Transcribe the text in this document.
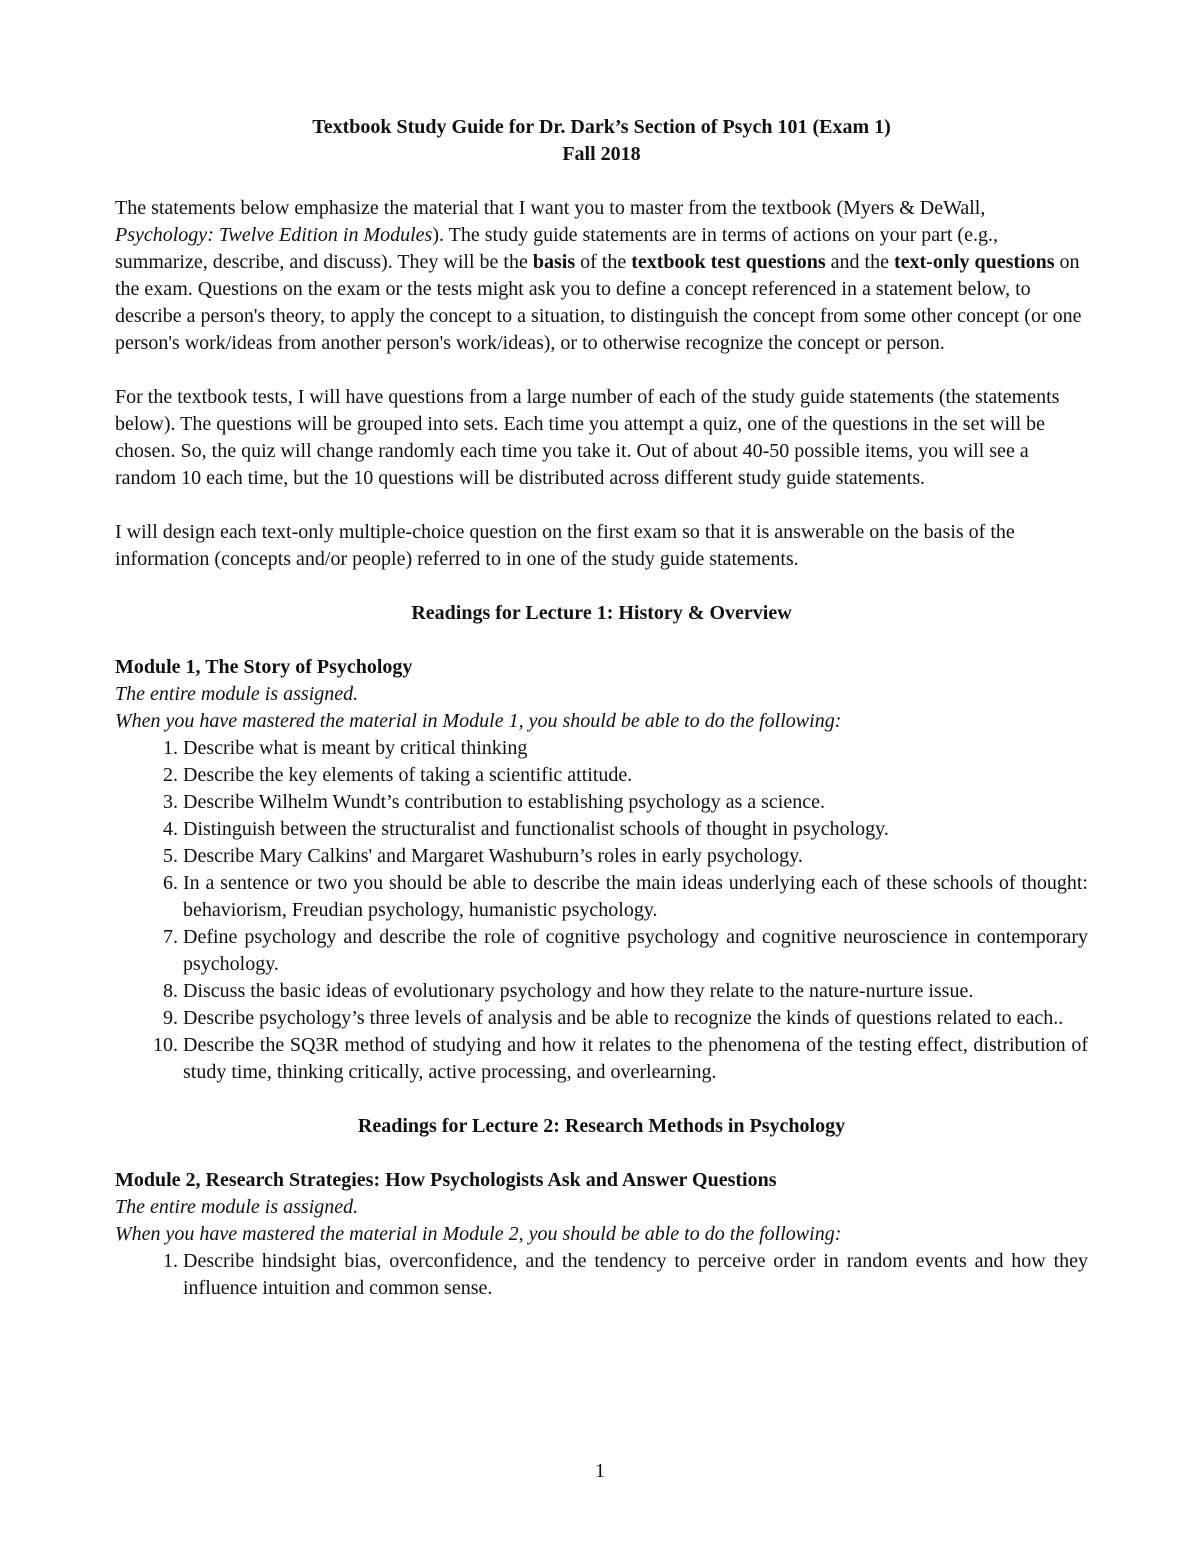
Textbook Study Guide for Dr. Dark’s Section of Psych 101 (Exam 1)
Fall 2018

The statements below emphasize the material that I want you to master from the textbook (Myers & DeWall, Psychology: Twelve Edition in Modules). The study guide statements are in terms of actions on your part (e.g., summarize, describe, and discuss). They will be the basis of the textbook test questions and the text-only questions on the exam. Questions on the exam or the tests might ask you to define a concept referenced in a statement below, to describe a person's theory, to apply the concept to a situation, to distinguish the concept from some other concept (or one person's work/ideas from another person's work/ideas), or to otherwise recognize the concept or person.

For the textbook tests, I will have questions from a large number of each of the study guide statements (the statements below). The questions will be grouped into sets. Each time you attempt a quiz, one of the questions in the set will be chosen. So, the quiz will change randomly each time you take it. Out of about 40-50 possible items, you will see a random 10 each time, but the 10 questions will be distributed across different study guide statements.

I will design each text-only multiple-choice question on the first exam so that it is answerable on the basis of the information (concepts and/or people) referred to in one of the study guide statements.

Readings for Lecture 1: History & Overview

Module 1, The Story of Psychology

The entire module is assigned.

When you have mastered the material in Module 1, you should be able to do the following:

1. Describe what is meant by critical thinking
2. Describe the key elements of taking a scientific attitude.
3. Describe Wilhelm Wundt’s contribution to establishing psychology as a science.
4. Distinguish between the structuralist and functionalist schools of thought in psychology.
5. Describe Mary Calkins' and Margaret Washuburn’s roles in early psychology.
6. In a sentence or two you should be able to describe the main ideas underlying each of these schools of thought: behaviorism, Freudian psychology, humanistic psychology.
7. Define psychology and describe the role of cognitive psychology and cognitive neuroscience in contemporary psychology.
8. Discuss the basic ideas of evolutionary psychology and how they relate to the nature-nurture issue.
9. Describe psychology’s three levels of analysis and be able to recognize the kinds of questions related to each..
10. Describe the SQ3R method of studying and how it relates to the phenomena of the testing effect, distribution of study time, thinking critically, active processing, and overlearning.
Readings for Lecture 2: Research Methods in Psychology

Module 2, Research Strategies: How Psychologists Ask and Answer Questions

The entire module is assigned.

When you have mastered the material in Module 2, you should be able to do the following:

1. Describe hindsight bias, overconfidence, and the tendency to perceive order in random events and how they influence intuition and common sense.
1
